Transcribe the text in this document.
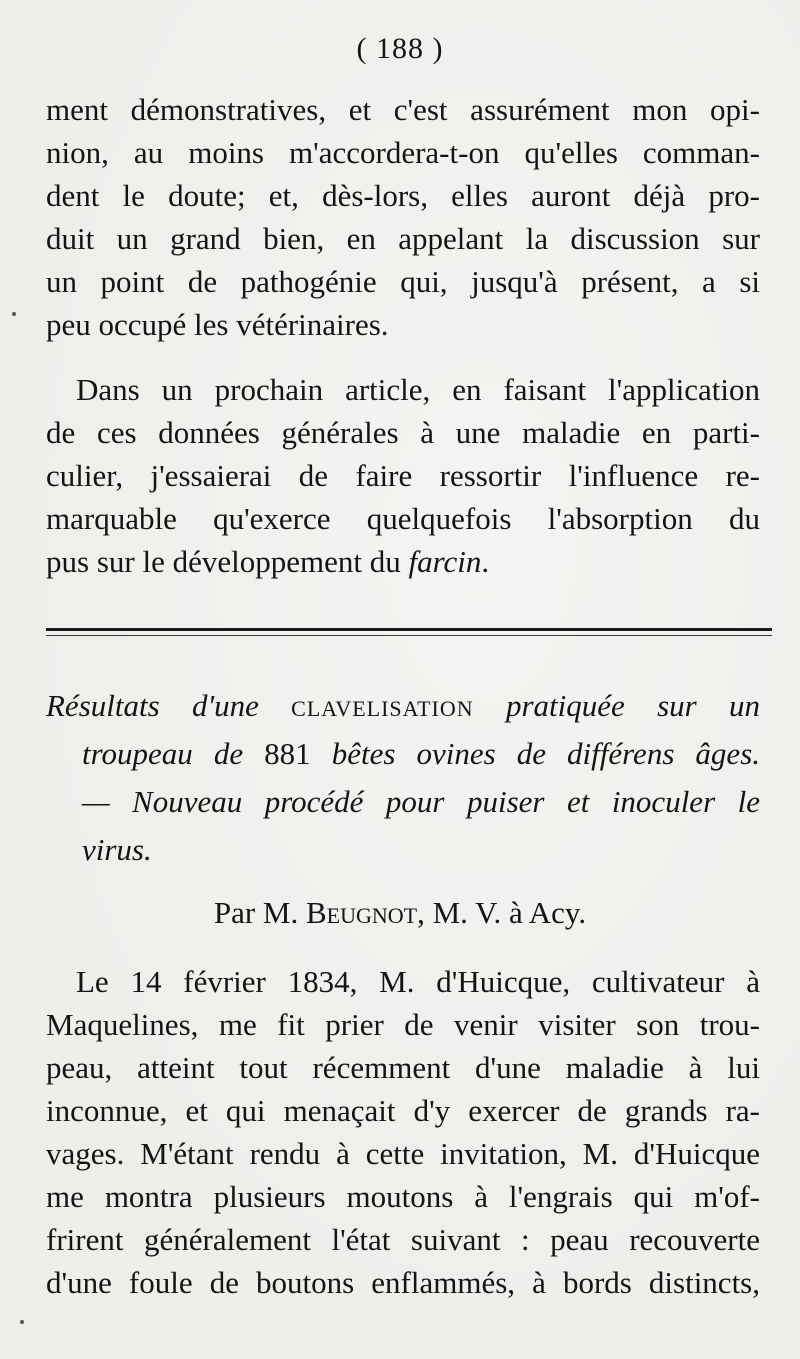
( 188 )

ment démonstratives, et c'est assurément mon opi-
nion, au moins m'accordera-t-on qu'elles comman-
dent le doute; et, dès-lors, elles auront déjà pro-
duit un grand bien, en appelant la discussion sur
un point de pathogénie qui, jusqu'à présent, a si
peu occupé les vétérinaires.

Dans un prochain article, en faisant l'application
de ces données générales à une maladie en parti-
culier, j'essaierai de faire ressortir l'influence re-
marquable qu'exerce quelquefois l'absorption du
pus sur le développement du farcin.

Résultats d'une clavelisation pratiquée sur un
troupeau de 881 bêtes ovines de différens âges.
— Nouveau procédé pour puiser et inoculer le
virus.
Par M. Beugnot, M. V. à Acy.

Le 14 février 1834, M. d'Huicque, cultivateur à
Maquelines, me fit prier de venir visiter son trou-
peau, atteint tout récemment d'une maladie à lui
inconnue, et qui menaçait d'y exercer de grands ra-
vages. M'étant rendu à cette invitation, M. d'Huicque
me montra plusieurs moutons à l'engrais qui m'of-
frirent généralement l'état suivant : peau recouverte
d'une foule de boutons enflammés, à bords distincts,
